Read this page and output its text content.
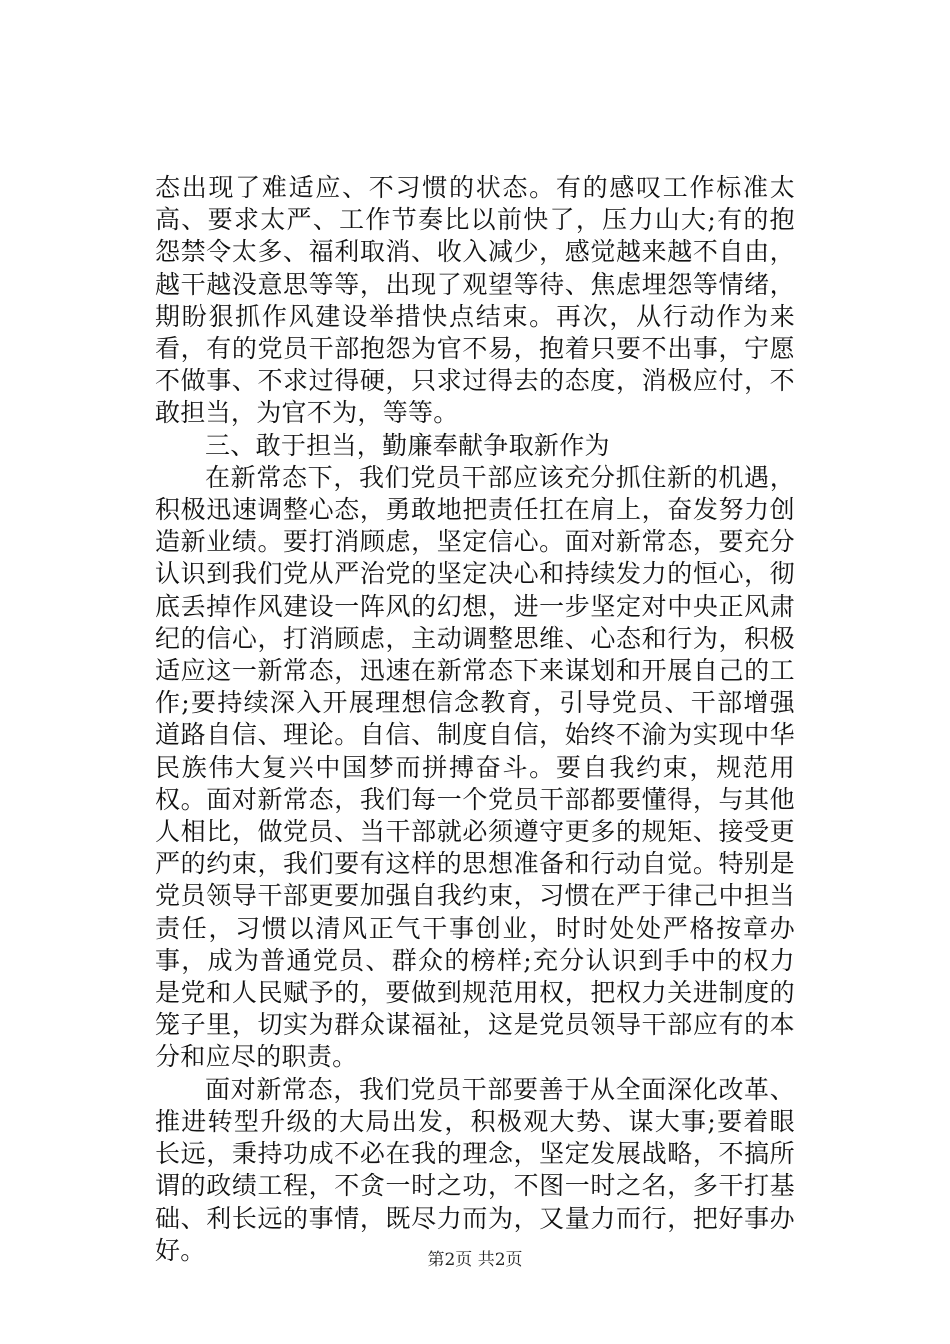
态出现了难适应、不习惯的状态。有的感叹工作标准太高、要求太严、工作节奏比以前快了，压力山大;有的抱怨禁令太多、福利取消、收入减少，感觉越来越不自由，越干越没意思等等，出现了观望等待、焦虑埋怨等情绪，期盼狠抓作风建设举措快点结束。再次，从行动作为来看，有的党员干部抱怨为官不易，抱着只要不出事，宁愿不做事、不求过得硬，只求过得去的态度，消极应付，不敢担当，为官不为，等等。

三、敢于担当，勤廉奉献争取新作为

在新常态下，我们党员干部应该充分抓住新的机遇，积极迅速调整心态，勇敢地把责任扛在肩上，奋发努力创造新业绩。要打消顾虑，坚定信心。面对新常态，要充分认识到我们党从严治党的坚定决心和持续发力的恒心，彻底丢掉作风建设一阵风的幻想，进一步坚定对中央正风肃纪的信心，打消顾虑，主动调整思维、心态和行为，积极适应这一新常态，迅速在新常态下来谋划和开展自己的工作;要持续深入开展理想信念教育，引导党员、干部增强道路自信、理论。自信、制度自信，始终不渝为实现中华民族伟大复兴中国梦而拼搏奋斗。要自我约束，规范用权。面对新常态，我们每一个党员干部都要懂得，与其他人相比，做党员、当干部就必须遵守更多的规矩、接受更严的约束，我们要有这样的思想准备和行动自觉。特别是党员领导干部更要加强自我约束，习惯在严于律己中担当责任，习惯以清风正气干事创业，时时处处严格按章办事，成为普通党员、群众的榜样;充分认识到手中的权力是党和人民赋予的，要做到规范用权，把权力关进制度的笼子里，切实为群众谋福祉，这是党员领导干部应有的本分和应尽的职责。

面对新常态，我们党员干部要善于从全面深化改革、推进转型升级的大局出发，积极观大势、谋大事;要着眼长远，秉持功成不必在我的理念，坚定发展战略，不搞所谓的政绩工程，不贪一时之功，不图一时之名，多干打基础、利长远的事情，既尽力而为，又量力而行，把好事办好。	第2页 共2页
